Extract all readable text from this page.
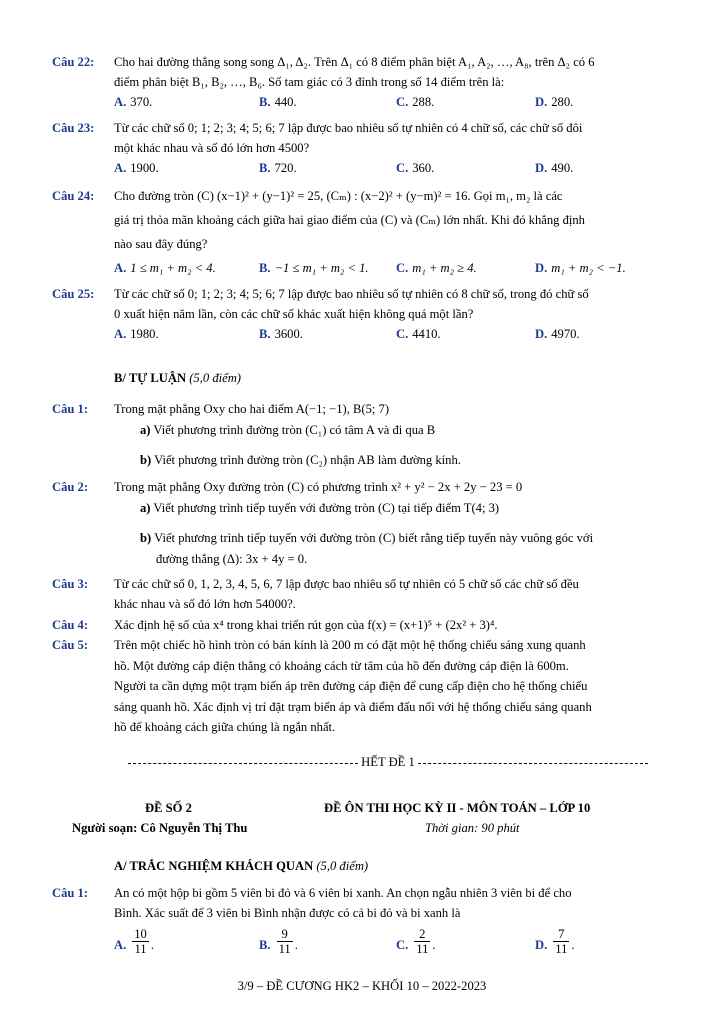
Câu 22: Cho hai đường thẳng song song Δ₁, Δ₂. Trên Δ₁ có 8 điểm phân biệt A₁, A₂, …, A₈, trên Δ₂ có 6
điểm phân biệt B₁, B₂, …, B₆. Số tam giác có 3 đỉnh trong số 14 điểm trên là:
A. 370.	B. 440.	C. 288.	D. 280.
Câu 23: Từ các chữ số 0; 1; 2; 3; 4; 5; 6; 7 lập được bao nhiêu số tự nhiên có 4 chữ số, các chữ số đôi
một khác nhau và số đó lớn hơn 4500?
A. 1900.	B. 720.	C. 360.	D. 490.
Câu 24: Cho đường tròn (C) (x−1)² + (y−1)² = 25, (Cₘ) : (x−2)² + (y−m)² = 16. Gọi m₁, m₂ là các
giá trị thỏa mãn khoảng cách giữa hai giao điểm của (C) và (Cₘ) lớn nhất. Khi đó khẳng định
nào sau đây đúng?
A. 1 ≤ m₁ + m₂ < 4.	B. −1 ≤ m₁ + m₂ < 1. C. m₁ + m₂ ≥ 4.	D. m₁ + m₂ < −1.
Câu 25: Từ các chữ số 0; 1; 2; 3; 4; 5; 6; 7 lập được bao nhiêu số tự nhiên có 8 chữ số, trong đó chữ số
0 xuất hiện năm lần, còn các chữ số khác xuất hiện không quá một lần?
A. 1980.	B. 3600.	C. 4410.	D. 4970.
B/ TỰ LUẬN (5,0 điểm)
Câu 1: Trong mặt phẳng Oxy cho hai điểm A(−1; −1), B(5; 7)
a) Viết phương trình đường tròn (C₁) có tâm A và đi qua B
b) Viết phương trình đường tròn (C₂) nhận AB làm đường kính.
Câu 2: Trong mặt phẳng Oxy đường tròn (C) có phương trình x² + y² − 2x + 2y − 23 = 0
a) Viết phương trình tiếp tuyến với đường tròn (C) tại tiếp điểm T(4; 3)
b) Viết phương trình tiếp tuyến với đường tròn (C) biết rằng tiếp tuyến này vuông góc với
đường thẳng (Δ): 3x + 4y = 0.
Câu 3: Từ các chữ số 0, 1, 2, 3, 4, 5, 6, 7 lập được bao nhiêu số tự nhiên có 5 chữ số các chữ số đều
khác nhau và số đó lớn hơn 54000?.
Câu 4: Xác định hệ số của x⁴ trong khai triển rút gọn của f(x) = (x+1)⁵ + (2x² + 3)⁴.
Câu 5: Trên một chiếc hồ hình tròn có bán kính là 200 m có đặt một hệ thống chiếu sáng xung quanh
hồ. Một đường cáp điện thẳng có khoảng cách từ tâm của hồ đến đường cáp điện là 600m.
Người ta cần dựng một trạm biến áp trên đường cáp điện để cung cấp điện cho hệ thống chiếu
sáng quanh hồ. Xác định vị trí đặt trạm biến áp và điểm đấu nối với hệ thống chiếu sáng quanh
hồ để khoảng cách giữa chúng là ngắn nhất.
HẾT ĐỀ 1
ĐỀ SỐ 2	ĐỀ ÔN THI HỌC KỲ II - MÔN TOÁN – LỚP 10
Người soạn: Cô Nguyễn Thị Thu	Thời gian: 90 phút
A/ TRẮC NGHIỆM KHÁCH QUAN (5,0 điểm)
Câu 1: An có một hộp bi gồm 5 viên bi đỏ và 6 viên bi xanh. An chọn ngẫu nhiên 3 viên bi để cho
Bình. Xác suất để 3 viên bi Bình nhận được có cả bi đỏ và bi xanh là
A. $\frac{10}{11}$ .	B. $\frac{9}{11}$ .	C. $\frac{2}{11}$ .	D. $\frac{7}{11}$ .
3/9 – ĐỀ CƯƠNG HK2 – KHỐI 10 – 2022-2023
